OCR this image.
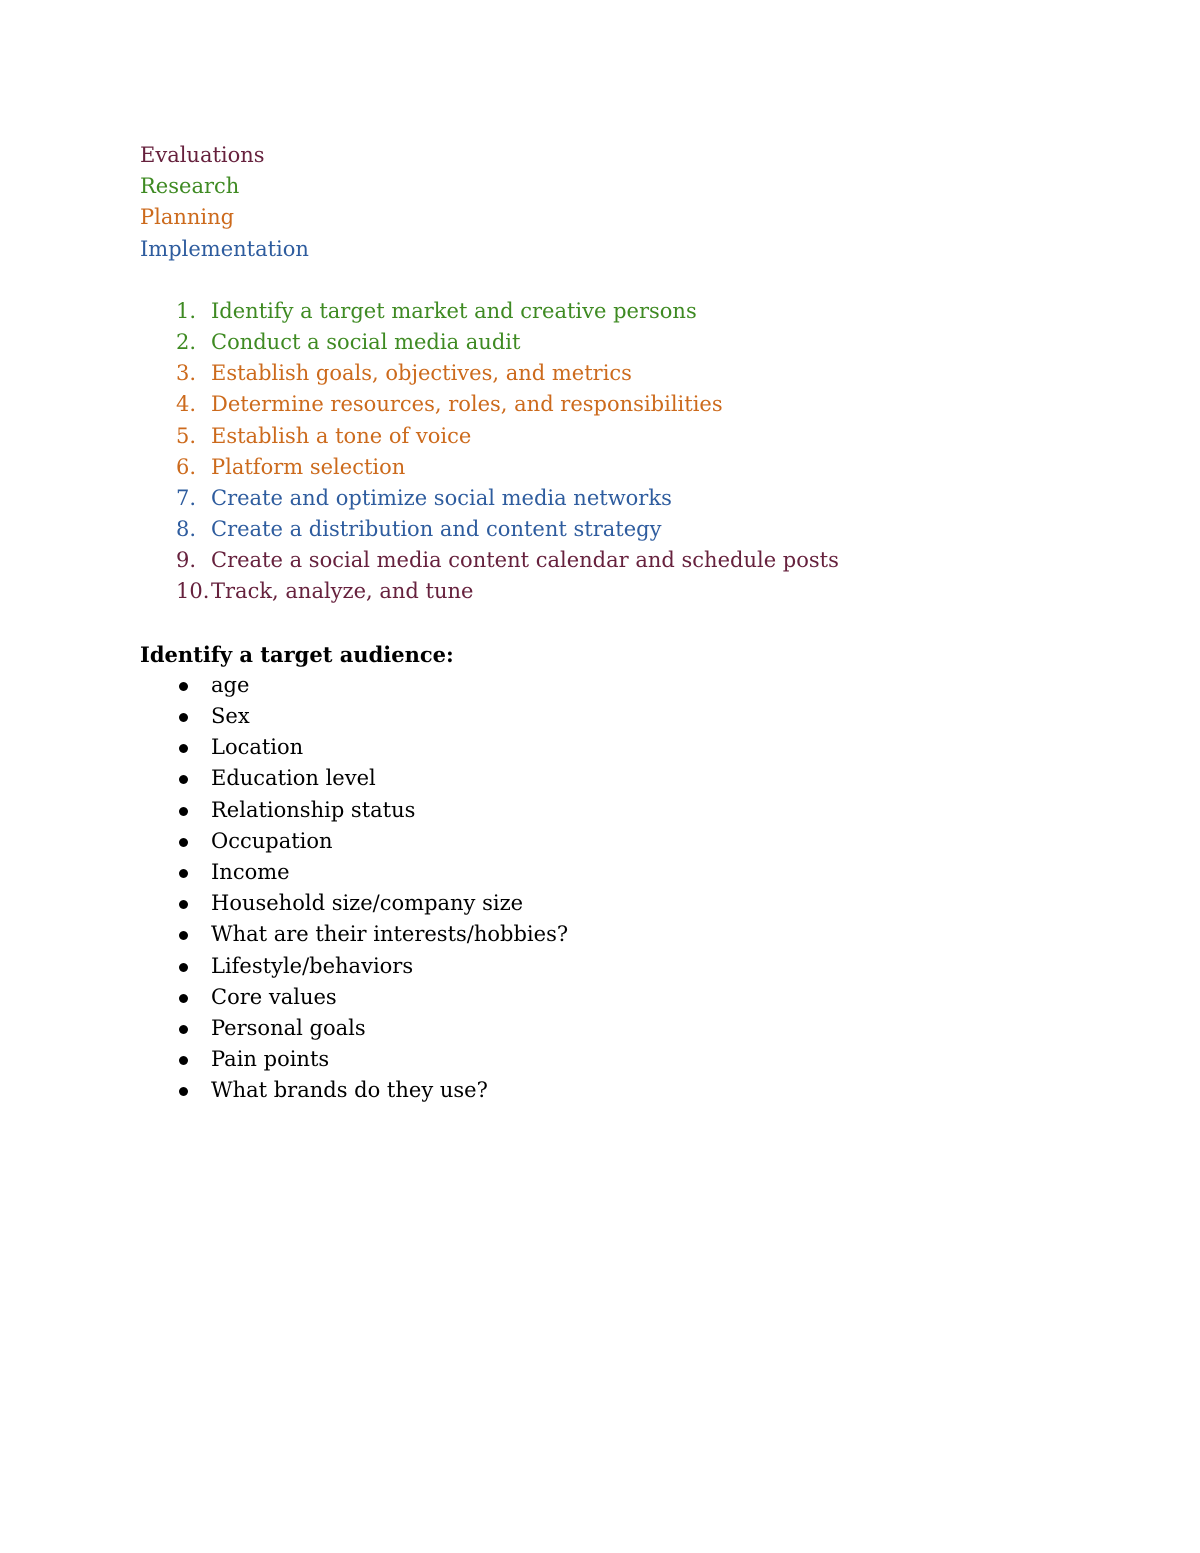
Evaluations
Research
Planning
Implementation
1. Identify a target market and creative persons
2. Conduct a social media audit
3. Establish goals, objectives, and metrics
4. Determine resources, roles, and responsibilities
5. Establish a tone of voice
6. Platform selection
7. Create and optimize social media networks
8. Create a distribution and content strategy
9. Create a social media content calendar and schedule posts
10. Track, analyze, and tune
Identify a target audience:
age
Sex
Location
Education level
Relationship status
Occupation
Income
Household size/company size
What are their interests/hobbies?
Lifestyle/behaviors
Core values
Personal goals
Pain points
What brands do they use?
